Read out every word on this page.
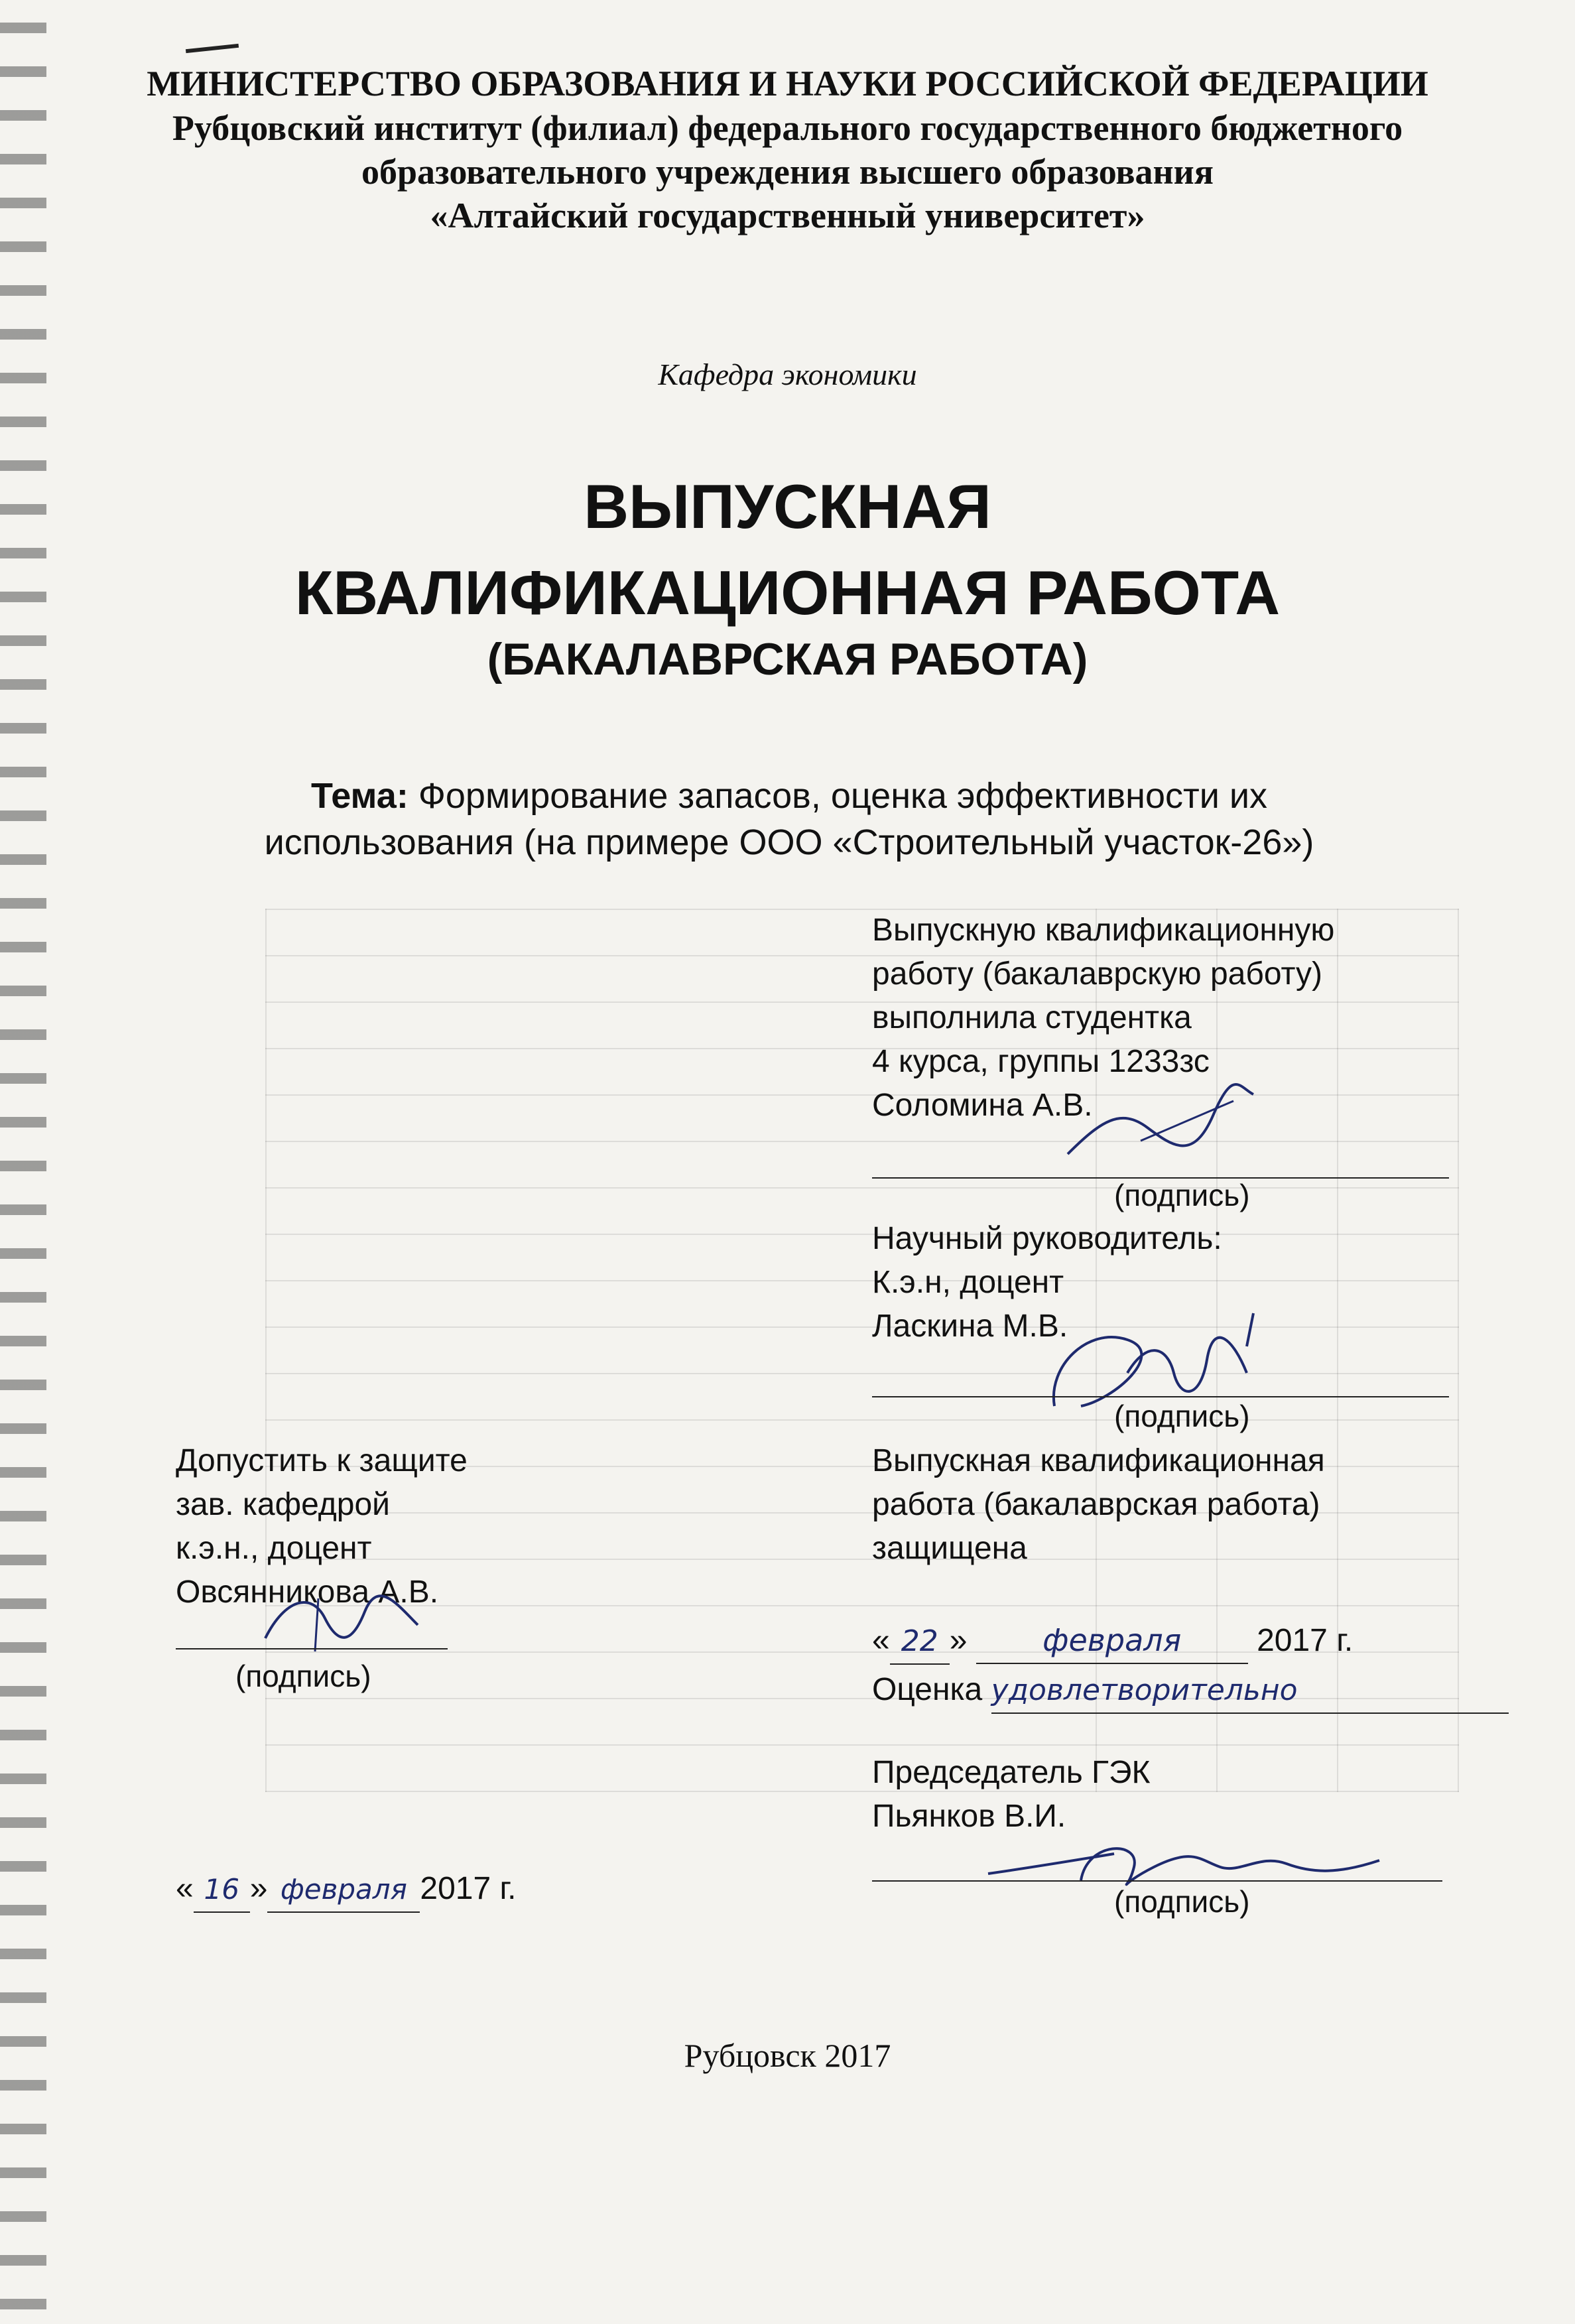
МИНИСТЕРСТВО ОБРАЗОВАНИЯ И НАУКИ РОССИЙСКОЙ ФЕДЕРАЦИИ
Рубцовский институт (филиал) федерального государственного бюджетного
образовательного учреждения высшего образования
«Алтайский государственный университет»
Кафедра экономики
ВЫПУСКНАЯ
КВАЛИФИКАЦИОННАЯ РАБОТА
(БАКАЛАВРСКАЯ РАБОТА)
Тема: Формирование запасов, оценка эффективности их
использования (на примере ООО «Строительный участок-26»)
Выпускную квалификационную
работу (бакалаврскую работу)
выполнила студентка
4 курса, группы 1233зс
Соломина А.В.
(подпись)
Научный руководитель:
К.э.н, доцент
Ласкина М.В.
(подпись)
Допустить к защите
зав. кафедрой
к.э.н., доцент
Овсянникова А.В.
(подпись)
« 16 » февраля 2017 г.
Выпускная квалификационная
работа (бакалаврская работа)
защищена
« 22 » февраля 2017 г.
Оценка удовлетворительно
Председатель ГЭК
Пьянков В.И.
(подпись)
Рубцовск 2017
